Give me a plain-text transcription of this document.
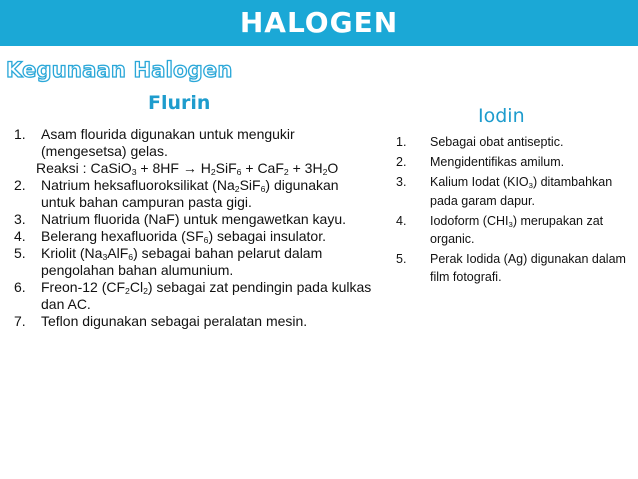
HALOGEN
Kegunaan Halogen
Flurin
Iodin
1. Asam flourida digunakan untuk mengukir (mengesetsa) gelas.
Reaksi : CaSiO$_3$ + $8HF \to H_2SiF_6 + CaF_2 + 3H_2O$
2. Natrium heksafluoroksilikat $(Na_2SiF_6)$ digunakan untuk bahan campuran pasta gigi.
3. Natrium fluorida (NaF) untuk mengawetkan kayu.
4. Belerang hexafluorida $(SF_6)$ sebagai insulator.
5. Kriolit $(Na_3AlF_6)$ sebagai bahan pelarut dalam pengolahan bahan alumunium.
6. Freon-12 $(CF_2Cl_2)$ sebagai zat pendingin pada kulkas dan AC.
7. Teflon digunakan sebagai peralatan mesin.
1. Sebagai obat antiseptic.
2. Mengidentifikas amilum.
3. Kalium Iodat $(KIO_3)$ ditambahkan pada garam dapur.
4. Iodoform $(CHI_3)$ merupakan zat organic.
5. Perak Iodida (Ag) digunakan dalam film fotografi.
